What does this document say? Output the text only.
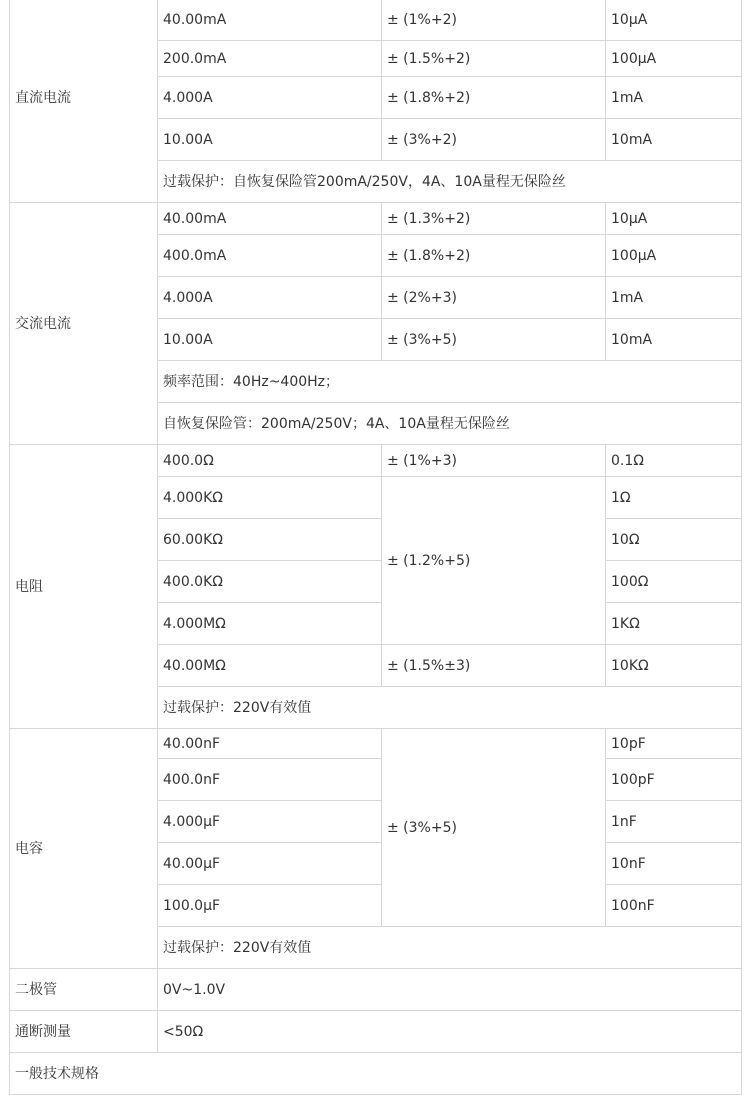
直流电流	40.00mA	± (1%+2)	10μA
	200.0mA	± (1.5%+2)	100μA
	4.000A	± (1.8%+2)	1mA
	10.00A	± (3%+2)	10mA
	过载保护：自恢复保险管200mA/250V，4A、10A量程无保险丝		
交流电流	40.00mA	± (1.3%+2)	10μA
	400.0mA	± (1.8%+2)	100μA
	4.000A	± (2%+3)	1mA
	10.00A	± (3%+5)	10mA
	频率范围：40Hz~400Hz；		
	自恢复保险管：200mA/250V；4A、10A量程无保险丝		
电阻	400.0Ω	± (1%+3)	0.1Ω
	4.000KΩ	± (1.2%+5)	1Ω
	60.00KΩ		10Ω
	400.0KΩ		100Ω
	4.000MΩ		1KΩ
	40.00MΩ	± (1.5%±3)	10KΩ
	过载保护：220V有效值		
电容	40.00nF	± (3%+5)	10pF
	400.0nF		100pF
	4.000μF		1nF
	40.00μF		10nF
	100.0μF		100nF
	过载保护：220V有效值		
二极管	0V~1.0V		
通断测量	<50Ω		
一般技术规格			
